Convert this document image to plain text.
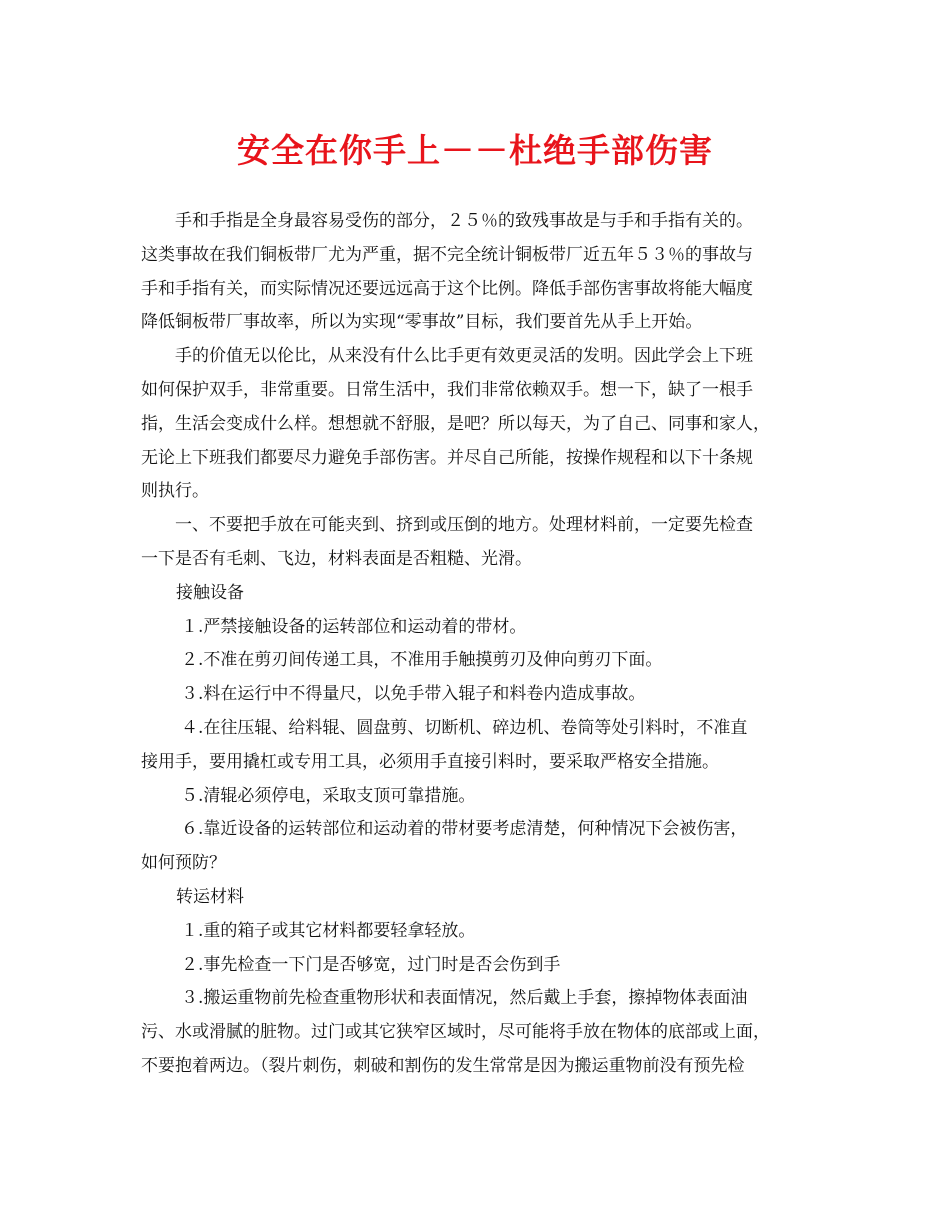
安全在你手上－－杜绝手部伤害
手和手指是全身最容易受伤的部分，２５％的致残事故是与手和手指有关的。
这类事故在我们铜板带厂尤为严重，据不完全统计铜板带厂近五年５３％的事故与
手和手指有关，而实际情况还要远远高于这个比例。降低手部伤害事故将能大幅度
降低铜板带厂事故率，所以为实现“零事故”目标，我们要首先从手上开始。
手的价值无以伦比，从来没有什么比手更有效更灵活的发明。因此学会上下班
如何保护双手，非常重要。日常生活中，我们非常依赖双手。想一下，缺了一根手
指，生活会变成什么样。想想就不舒服，是吧？所以每天，为了自己、同事和家人，
无论上下班我们都要尽力避免手部伤害。并尽自己所能，按操作规程和以下十条规
则执行。
一、不要把手放在可能夹到、挤到或压倒的地方。处理材料前，一定要先检查
一下是否有毛刺、飞边，材料表面是否粗糙、光滑。
接触设备
１.严禁接触设备的运转部位和运动着的带材。
２.不准在剪刃间传递工具，不准用手触摸剪刃及伸向剪刃下面。
３.料在运行中不得量尺，以免手带入辊子和料卷内造成事故。
４.在往压辊、给料辊、圆盘剪、切断机、碎边机、卷筒等处引料时，不准直
接用手，要用撬杠或专用工具，必须用手直接引料时，要采取严格安全措施。
５.清辊必须停电，采取支顶可靠措施。
６.靠近设备的运转部位和运动着的带材要考虑清楚，何种情况下会被伤害，
如何预防？
转运材料
１.重的箱子或其它材料都要轻拿轻放。
２.事先检查一下门是否够宽，过门时是否会伤到手
３.搬运重物前先检查重物形状和表面情况，然后戴上手套，擦掉物体表面油
污、水或滑腻的脏物。过门或其它狭窄区域时，尽可能将手放在物体的底部或上面，
不要抱着两边。（裂片刺伤，刺破和割伤的发生常常是因为搬运重物前没有预先检
